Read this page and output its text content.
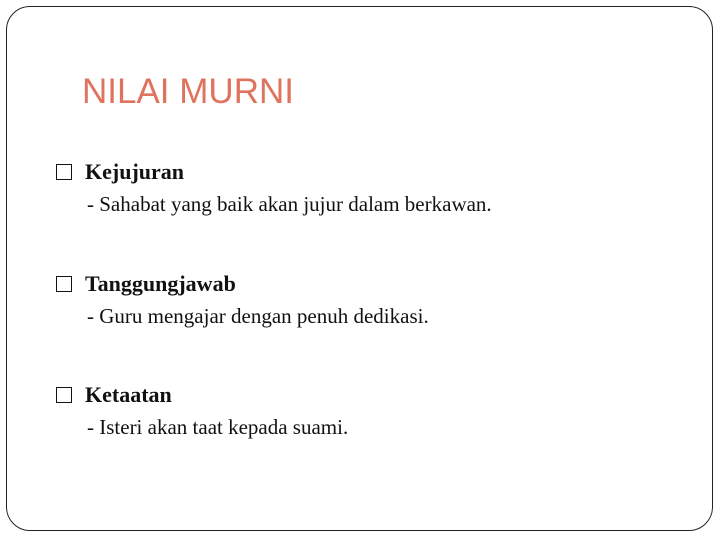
NILAI MURNI
Kejujuran
- Sahabat yang baik akan jujur dalam berkawan.
Tanggungjawab
- Guru mengajar dengan penuh dedikasi.
Ketaatan
- Isteri akan taat kepada suami.
